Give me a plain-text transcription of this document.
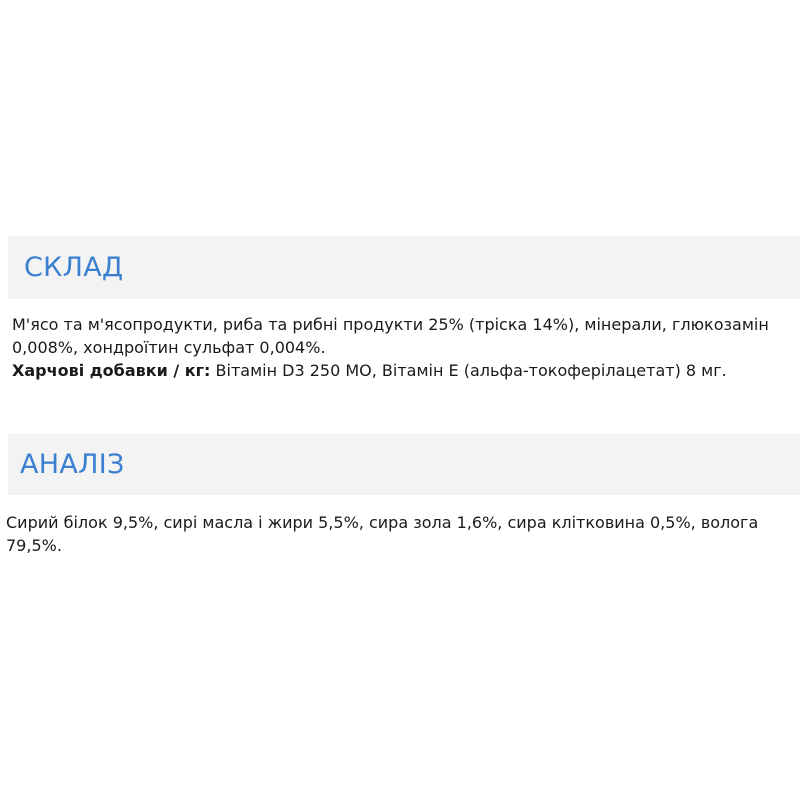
СКЛАД

М'ясо та м'ясопродукти, риба та рибні продукти 25% (тріска 14%), мінерали, глюкозамін 0,008%, хондроїтин сульфат 0,004%.
Харчові добавки / кг: Вітамін D3 250 МО, Вітамін Е (альфа-токоферілацетат) 8 мг.

АНАЛІЗ

Сирий білок 9,5%, сирі масла і жири 5,5%, сира зола 1,6%, сира клітковина 0,5%, волога 79,5%.
